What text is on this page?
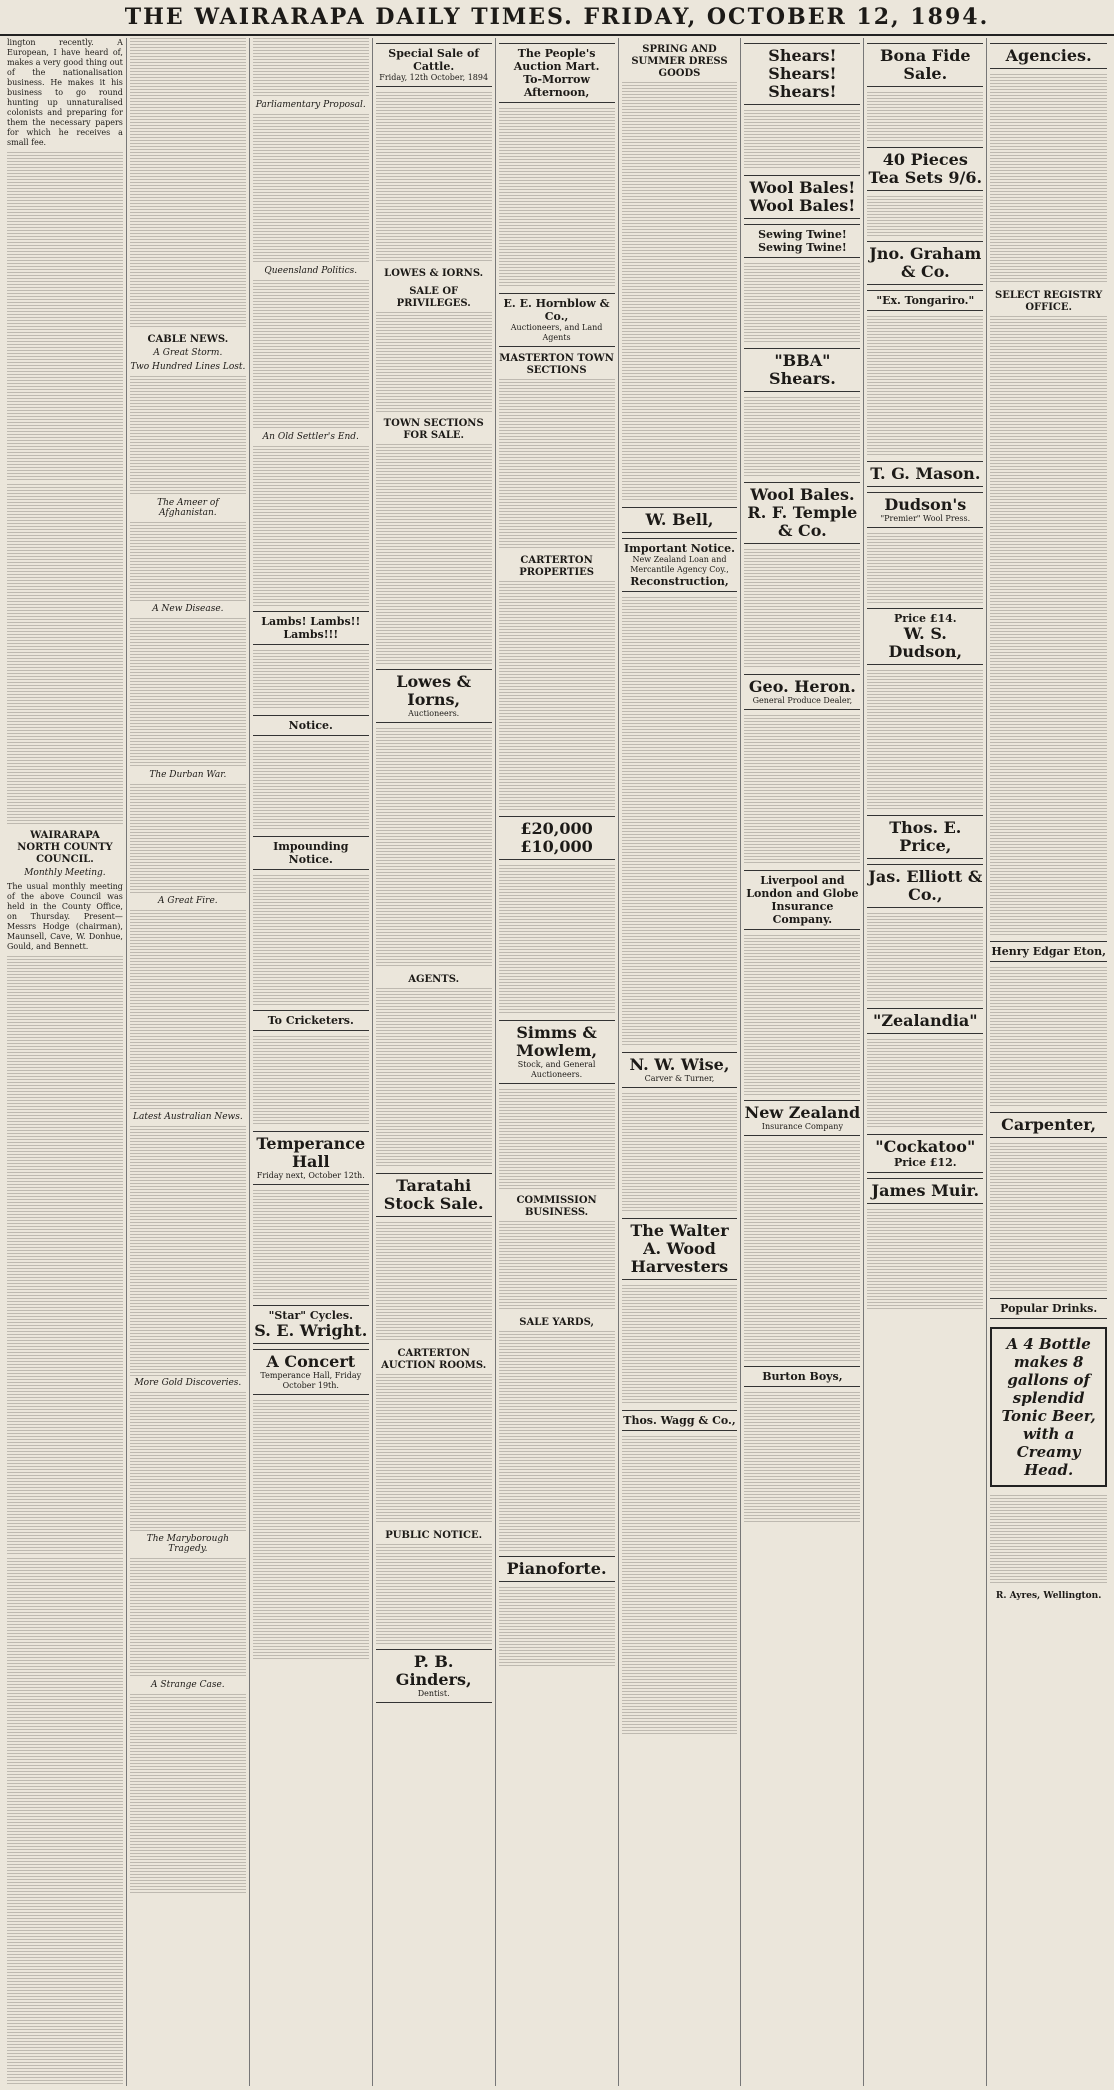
THE WAIRARAPA DAILY TIMES. FRIDAY, OCTOBER 12, 1894.

lington recently. A European, I have heard of, makes a very good thing out of the nationalisation business. He makes it his business to go round hunting up unnaturalised colonists and preparing for them the necessary papers for which he receives a small fee.

WAIRARAPA NORTH COUNTY COUNCIL.
Monthly Meeting.

The usual monthly meeting of the above Council was held in the County Office, on Thursday. Present—Messrs Hodge (chairman), Maunsell, Cave, W. Donhue, Gould, and Bennett.

CABLE NEWS.
A Great Storm.
Two Hundred Lines Lost.
The Ameer of Afghanistan.
A New Disease.
The Durban War.
A Great Fire.
Latest Australian News.
More Gold Discoveries.
The Maryborough Tragedy.
A Strange Case.
Parliamentary Proposal.
Queensland Politics.
An Old Settler's End.
Lambs! Lambs!! Lambs!!!
Notice.
Impounding Notice.
To Cricketers.
Temperance Hall
Friday next, October 12th.
"Star" Cycles.
S. E. Wright.
A Concert
Temperance Hall, Friday October 19th.
Special Sale of Cattle.
Friday, 12th October, 1894
LOWES & IORNS.
SALE OF PRIVILEGES.
TOWN SECTIONS FOR SALE.
Lowes & Iorns,
Auctioneers.
AGENTS.
Taratahi Stock Sale.
CARTERTON AUCTION ROOMS.
PUBLIC NOTICE.
P. B. Ginders,
Dentist.
The People's Auction Mart.
To-Morrow Afternoon,
E. E. Hornblow & Co.,
Auctioneers, and Land Agents
MASTERTON TOWN SECTIONS
CARTERTON PROPERTIES
£20,000
£10,000
Simms & Mowlem,
Stock, and General Auctioneers.
COMMISSION BUSINESS.
SALE YARDS,
Pianoforte.
SPRING AND SUMMER DRESS GOODS
W. Bell,
Important Notice.
New Zealand Loan and Mercantile Agency Coy.,
Reconstruction,
N. W. Wise,
Carver & Turner,
The Walter A. Wood Harvesters
Thos. Wagg & Co.,
Shears! Shears! Shears!
Wool Bales! Wool Bales!
Sewing Twine! Sewing Twine!
"BBA" Shears.
Wool Bales.
R. F. Temple & Co.
Geo. Heron.
General Produce Dealer,
Liverpool and London and Globe Insurance Company.
New Zealand
Insurance Company
Burton Boys,
Bona Fide Sale.
40 Pieces Tea Sets 9/6.
Jno. Graham & Co.
"Ex. Tongariro."
T. G. Mason.
Dudson's
"Premier" Wool Press.
Price £14.
W. S. Dudson,
Thos. E. Price,
Jas. Elliott & Co.,
"Zealandia"
"Cockatoo"
Price £12.
James Muir.
Agencies.
SELECT REGISTRY OFFICE.
Henry Edgar Eton,
Carpenter,
Popular Drinks.
A 4 Bottle makes 8 gallons of splendid Tonic Beer, with a Creamy Head.
R. Ayres, Wellington.
